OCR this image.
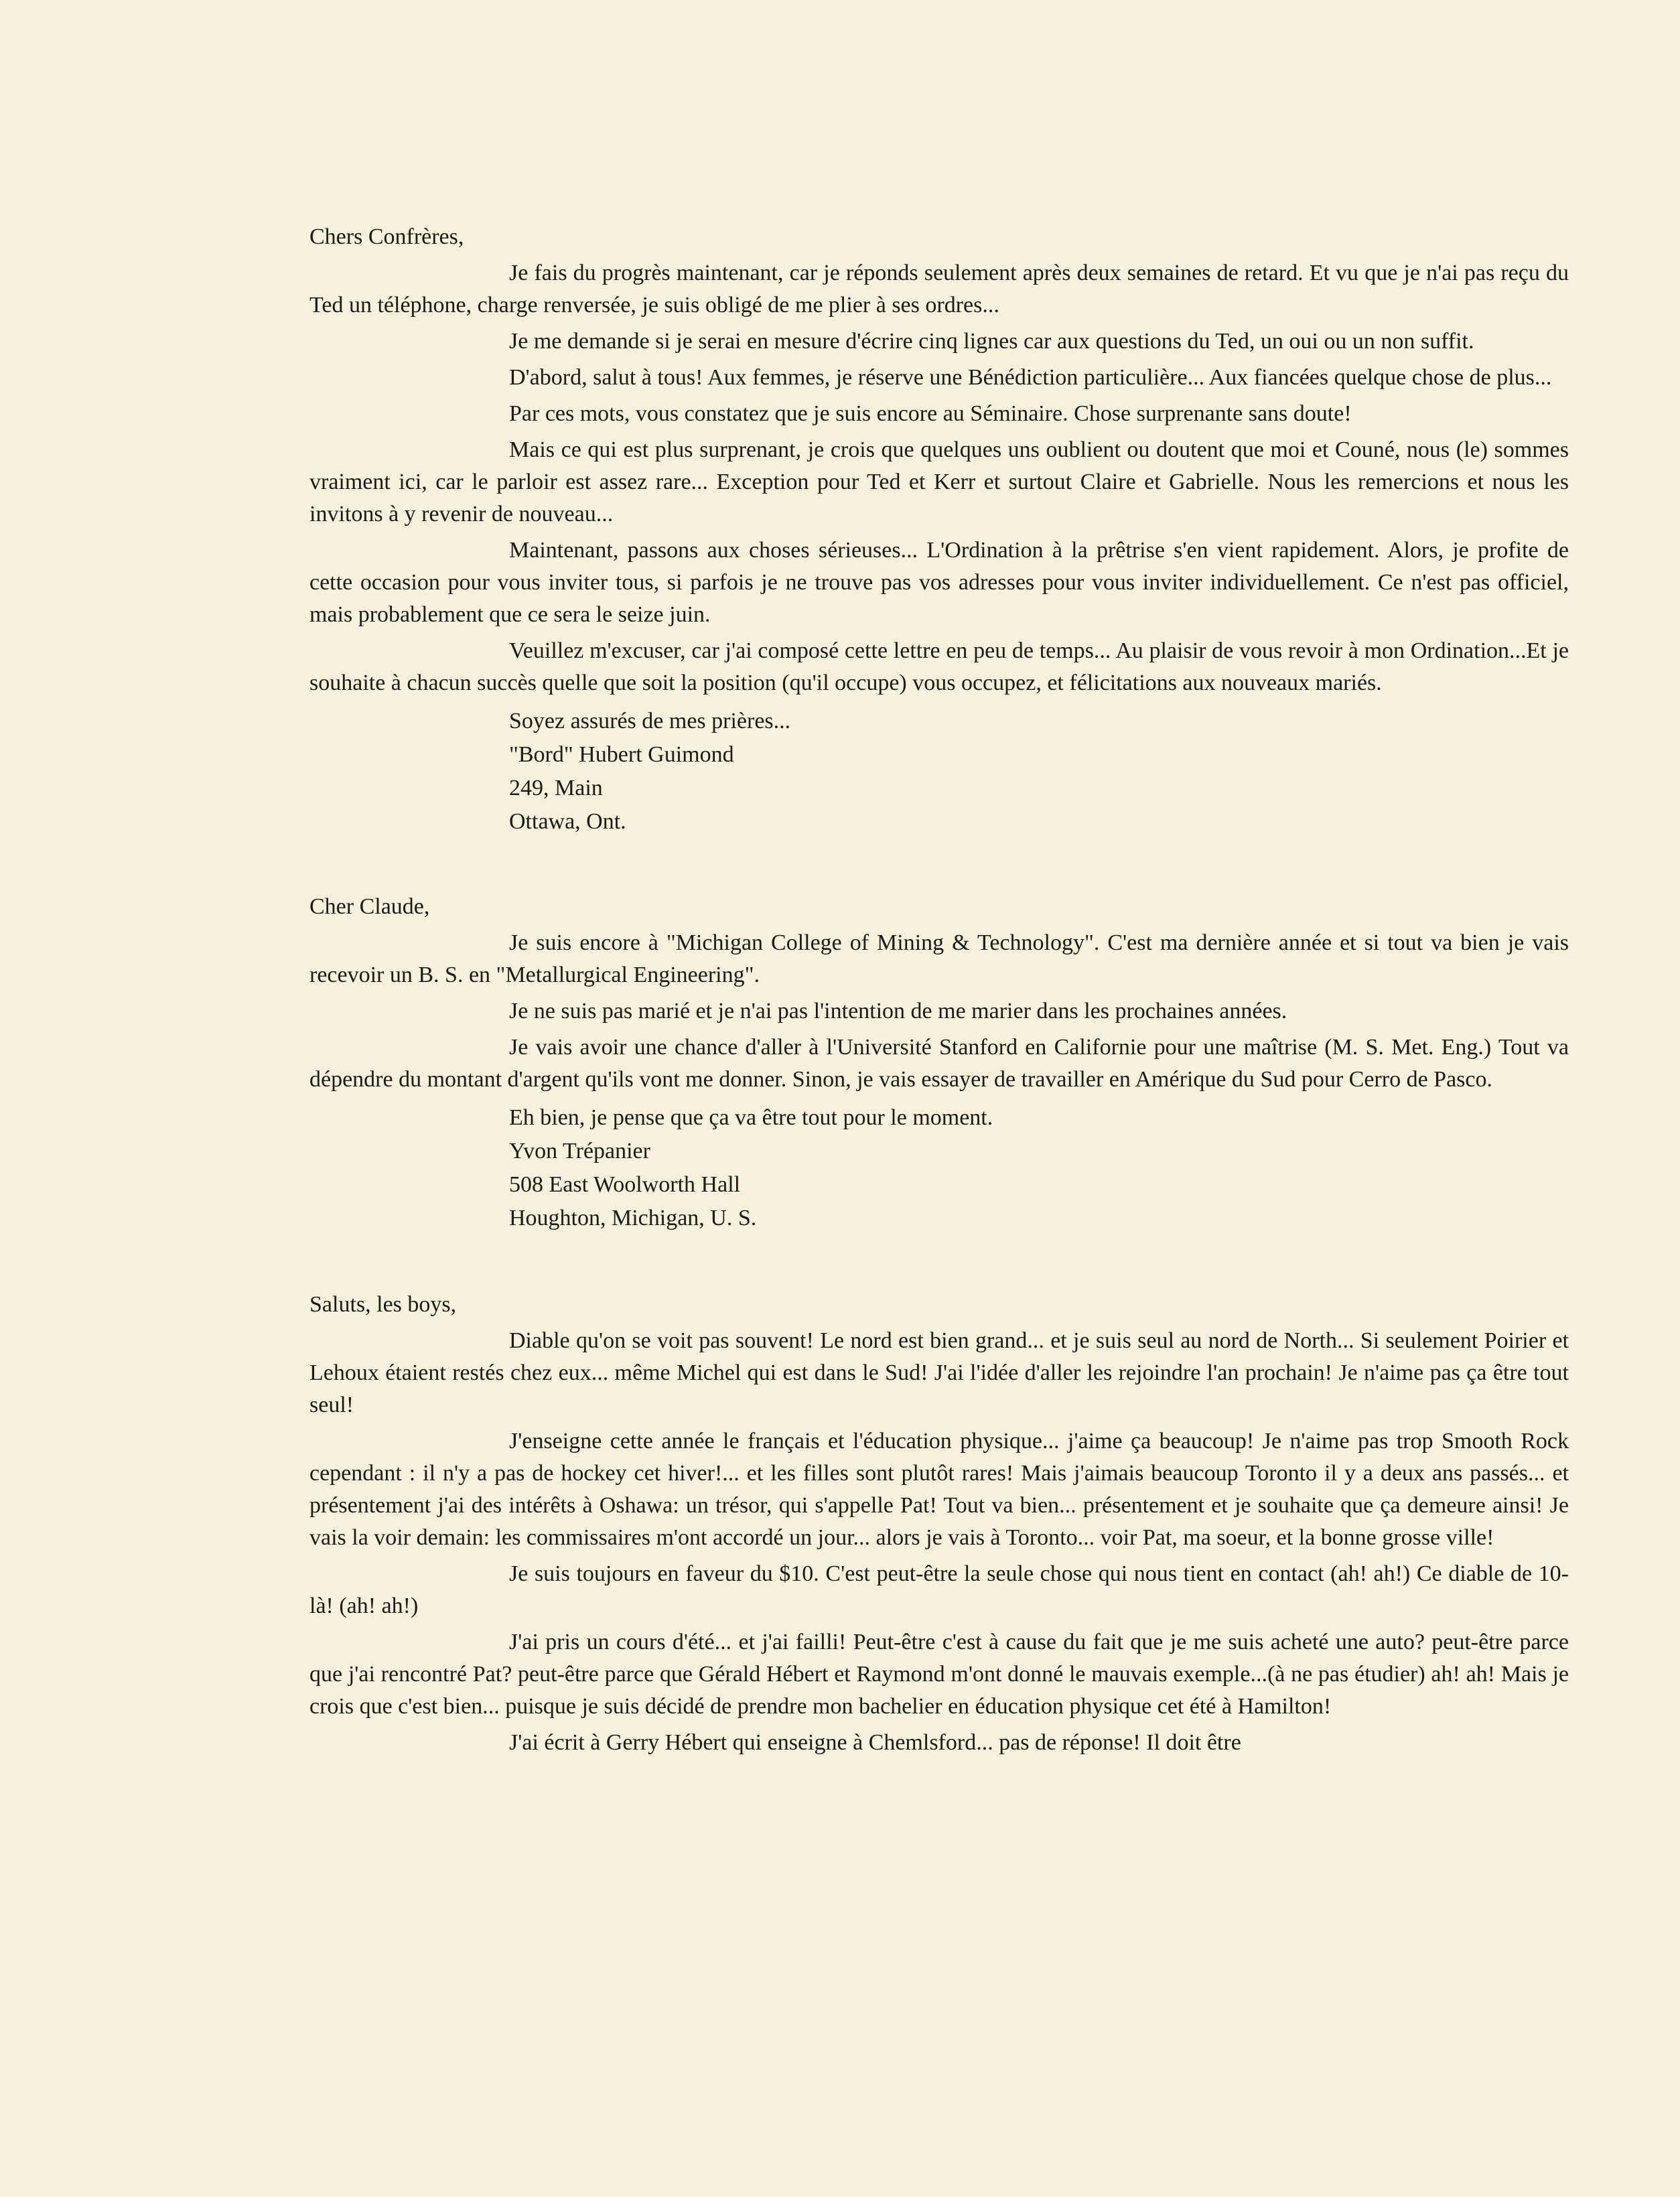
Chers Confrères,

Je fais du progrès maintenant, car je réponds seulement après deux semaines de retard. Et vu que je n'ai pas reçu du Ted un téléphone, charge renversée, je suis obligé de me plier à ses ordres...

Je me demande si je serai en mesure d'écrire cinq lignes car aux questions du Ted, un oui ou un non suffit.

D'abord, salut à tous! Aux femmes, je réserve une Bénédiction particulière... Aux fiancées quelque chose de plus...

Par ces mots, vous constatez que je suis encore au Séminaire. Chose surprenante sans doute!

Mais ce qui est plus surprenant, je crois que quelques uns oublient ou doutent que moi et Couné, nous (le) sommes vraiment ici, car le parloir est assez rare... Exception pour Ted et Kerr et surtout Claire et Gabrielle. Nous les remercions et nous les invitons à y revenir de nouveau...

Maintenant, passons aux choses sérieuses... L'Ordination à la prêtrise s'en vient rapidement. Alors, je profite de cette occasion pour vous inviter tous, si parfois je ne trouve pas vos adresses pour vous inviter individuellement. Ce n'est pas officiel, mais probablement que ce sera le seize juin.

Veuillez m'excuser, car j'ai composé cette lettre en peu de temps... Au plaisir de vous revoir à mon Ordination...Et je souhaite à chacun succès quelle que soit la position (qu'il occupe) vous occupez, et félicitations aux nouveaux mariés.

Soyez assurés de mes prières...
"Bord" Hubert Guimond
249, Main
Ottawa, Ont.
Cher Claude,

Je suis encore à "Michigan College of Mining & Technology". C'est ma dernière année et si tout va bien je vais recevoir un B. S. en "Metallurgical Engineering".

Je ne suis pas marié et je n'ai pas l'intention de me marier dans les prochaines années.

Je vais avoir une chance d'aller à l'Université Stanford en Californie pour une maîtrise (M. S. Met. Eng.) Tout va dépendre du montant d'argent qu'ils vont me donner. Sinon, je vais essayer de travailler en Amérique du Sud pour Cerro de Pasco.

Eh bien, je pense que ça va être tout pour le moment.
Yvon Trépanier
508 East Woolworth Hall
Houghton, Michigan, U. S.
Saluts, les boys,

Diable qu'on se voit pas souvent! Le nord est bien grand... et je suis seul au nord de North... Si seulement Poirier et Lehoux étaient restés chez eux... même Michel qui est dans le Sud! J'ai l'idée d'aller les rejoindre l'an prochain! Je n'aime pas ça être tout seul!

J'enseigne cette année le français et l'éducation physique... j'aime ça beaucoup! Je n'aime pas trop Smooth Rock cependant : il n'y a pas de hockey cet hiver!... et les filles sont plutôt rares! Mais j'aimais beaucoup Toronto il y a deux ans passés... et présentement j'ai des intérêts à Oshawa: un trésor, qui s'appelle Pat! Tout va bien... présentement et je souhaite que ça demeure ainsi! Je vais la voir demain: les commissaires m'ont accordé un jour... alors je vais à Toronto... voir Pat, ma soeur, et la bonne grosse ville!

Je suis toujours en faveur du $10. C'est peut-être la seule chose qui nous tient en contact (ah! ah!) Ce diable de 10-là! (ah! ah!)

J'ai pris un cours d'été... et j'ai failli! Peut-être c'est à cause du fait que je me suis acheté une auto? peut-être parce que j'ai rencontré Pat? peut-être parce que Gérald Hébert et Raymond m'ont donné le mauvais exemple...(à ne pas étudier) ah! ah! Mais je crois que c'est bien... puisque je suis décidé de prendre mon bachelier en éducation physique cet été à Hamilton!

J'ai écrit à Gerry Hébert qui enseigne à Chemlsford... pas de réponse! Il doit être
